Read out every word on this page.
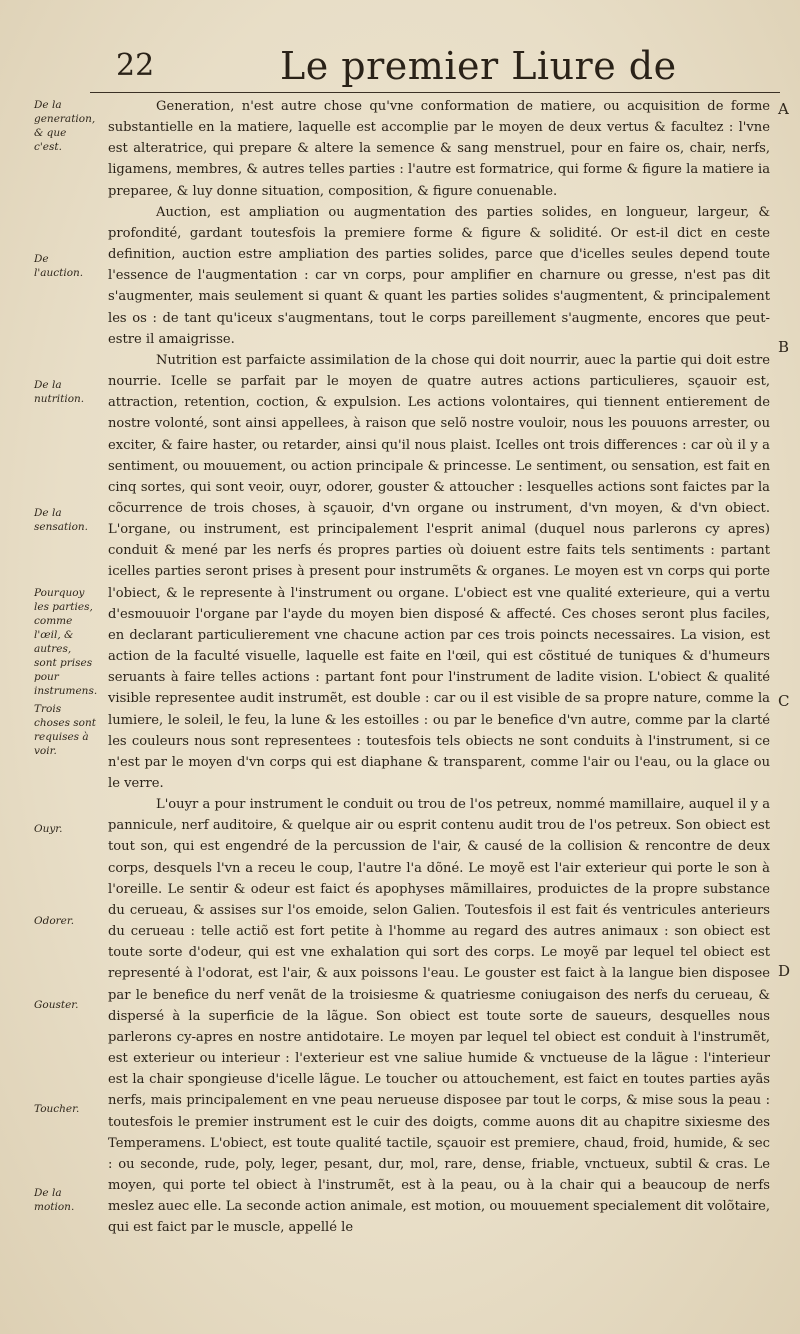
22	Le premier Liure de
De la generation, & que c'est.
De l'auction.
De la nutrition.
De la sensation.
Pourquoy les parties, comme l'œil, & autres, sont prises pour instrumens.
Trois choses sont requises à voir.
Ouyr.
Odorer.
Gouster.
Toucher.
De la motion.
A
B
C
D

Generation, n'est autre chose qu'vne conformation de matiere, ou acquisition de forme substantielle en la matiere, laquelle est accomplie par le moyen de deux vertus & facultez : l'vne est alteratrice, qui prepare & altere la semence & sang menstruel, pour en faire os, chair, nerfs, ligamens, membres, & autres telles parties : l'autre est formatrice, qui forme & figure la matiere ia preparee, & luy donne situation, composition, & figure conuenable.

Auction, est ampliation ou augmentation des parties solides, en longueur, largeur, & profondité, gardant toutesfois la premiere forme & figure & solidité. Or est-il dict en ceste definition, auction estre ampliation des parties solides, parce que d'icelles seules depend toute l'essence de l'augmentation : car vn corps, pour amplifier en charnure ou gresse, n'est pas dit s'augmenter, mais seulement si quant & quant les parties solides s'augmentent, & principalement les os : de tant qu'iceux s'augmentans, tout le corps pareillement s'augmente, encores que peut-estre il amaigrisse.

Nutrition est parfaicte assimilation de la chose qui doit nourrir, auec la partie qui doit estre nourrie. Icelle se parfait par le moyen de quatre autres actions particulieres, sçauoir est, attraction, retention, coction, & expulsion. Les actions volontaires, qui tiennent entierement de nostre volonté, sont ainsi appellees, à raison que selõ nostre vouloir, nous les pouuons arrester, ou exciter, & faire haster, ou retarder, ainsi qu'il nous plaist. Icelles ont trois differences : car où il y a sentiment, ou mouuement, ou action principale & princesse. Le sentiment, ou sensation, est fait en cinq sortes, qui sont veoir, ouyr, odorer, gouster & attoucher : lesquelles actions sont faictes par la cõcurrence de trois choses, à sçauoir, d'vn organe ou instrument, d'vn moyen, & d'vn obiect. L'organe, ou instrument, est principalement l'esprit animal (duquel nous parlerons cy apres) conduit & mené par les nerfs és propres parties où doiuent estre faits tels sentiments : partant icelles parties seront prises à present pour instrumẽts & organes. Le moyen est vn corps qui porte l'obiect, & le represente à l'instrument ou organe. L'obiect est vne qualité exterieure, qui a vertu d'esmouuoir l'organe par l'ayde du moyen bien disposé & affecté. Ces choses seront plus faciles, en declarant particulierement vne chacune action par ces trois poincts necessaires. La vision, est action de la faculté visuelle, laquelle est faite en l'œil, qui est cõstitué de tuniques & d'humeurs seruants à faire telles actions : partant font pour l'instrument de ladite vision. L'obiect & qualité visible representee audit instrumẽt, est double : car ou il est visible de sa propre nature, comme la lumiere, le soleil, le feu, la lune & les estoilles : ou par le benefice d'vn autre, comme par la clarté les couleurs nous sont representees : toutesfois tels obiects ne sont conduits à l'instrument, si ce n'est par le moyen d'vn corps qui est diaphane & transparent, comme l'air ou l'eau, ou la glace ou le verre.

L'ouyr a pour instrument le conduit ou trou de l'os petreux, nommé mamillaire, auquel il y a pannicule, nerf auditoire, & quelque air ou esprit contenu audit trou de l'os petreux. Son obiect est tout son, qui est engendré de la percussion de l'air, & causé de la collision & rencontre de deux corps, desquels l'vn a receu le coup, l'autre l'a dõné. Le moyẽ est l'air exterieur qui porte le son à l'oreille. Le sentir & odeur est faict és apophyses mãmillaires, produictes de la propre substance du cerueau, & assises sur l'os emoide, selon Galien. Toutesfois il est fait és ventricules anterieurs du cerueau : telle actiõ est fort petite à l'homme au regard des autres animaux : son obiect est toute sorte d'odeur, qui est vne exhalation qui sort des corps. Le moyẽ par lequel tel obiect est representé à l'odorat, est l'air, & aux poissons l'eau. Le gouster est faict à la langue bien disposee par le benefice du nerf venãt de la troisiesme & quatriesme coniugaison des nerfs du cerueau, & dispersé à la superficie de la lãgue. Son obiect est toute sorte de saueurs, desquelles nous parlerons cy-apres en nostre antidotaire. Le moyen par lequel tel obiect est conduit à l'instrumẽt, est exterieur ou interieur : l'exterieur est vne saliue humide & vnctueuse de la lãgue : l'interieur est la chair spongieuse d'icelle lãgue. Le toucher ou attouchement, est faict en toutes parties ayãs nerfs, mais principalement en vne peau nerueuse disposee par tout le corps, & mise sous la peau : toutesfois le premier instrument est le cuir des doigts, comme auons dit au chapitre sixiesme des Temperamens. L'obiect, est toute qualité tactile, sçauoir est premiere, chaud, froid, humide, & sec : ou seconde, rude, poly, leger, pesant, dur, mol, rare, dense, friable, vnctueux, subtil & cras. Le moyen, qui porte tel obiect à l'instrumẽt, est à la peau, ou à la chair qui a beaucoup de nerfs meslez auec elle. La seconde action animale, est motion, ou mouuement specialement dit volõtaire, qui est faict par le muscle, appellé le
